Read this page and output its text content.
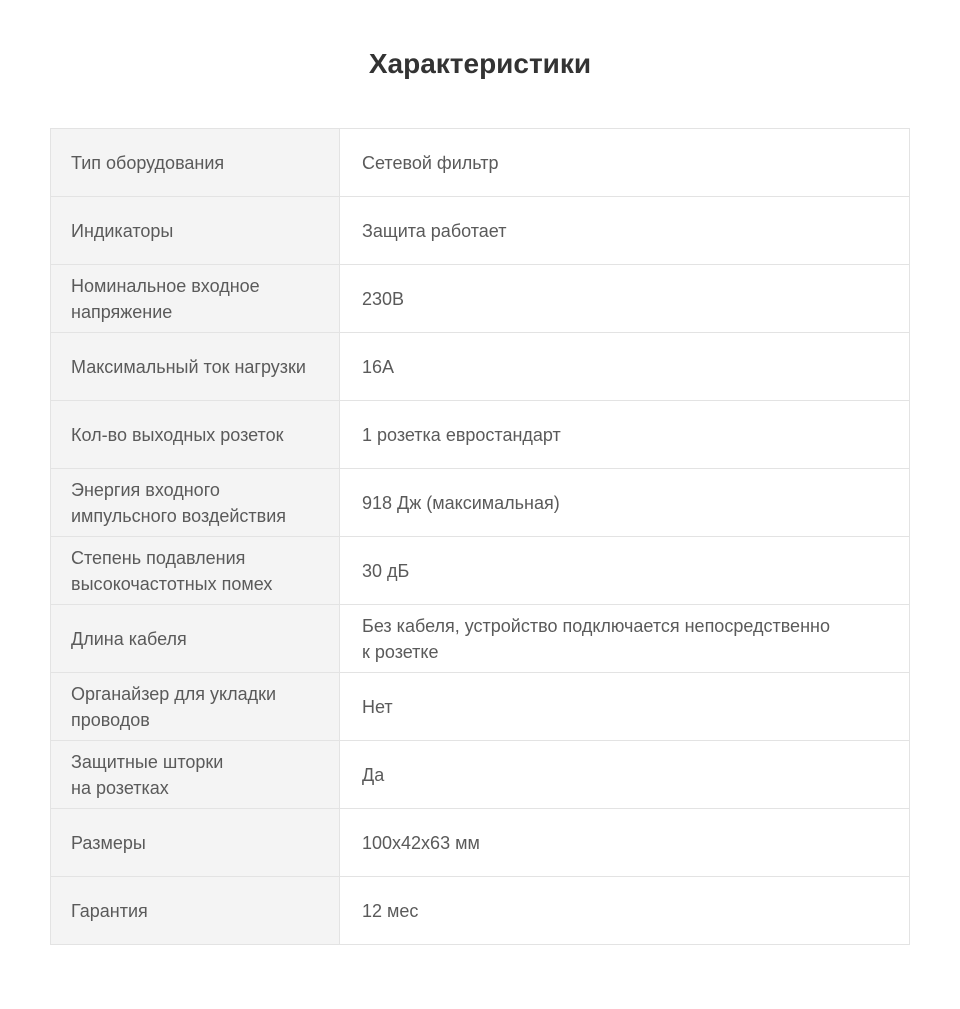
Характеристики
Тип оборудования	Сетевой фильтр

Индикаторы	Защита работает

Номинальное входное
напряжение	230В

Максимальный ток нагрузки	16А

Кол-во выходных розеток	1 розетка евростандарт

Энергия входного
импульсного воздействия	918 Дж (максимальная)

Степень подавления
высокочастотных помех	30 дБ

Длина кабеля	Без кабеля, устройство подключается непосредственно
к розетке

Органайзер для укладки
проводов	Нет

Защитные шторки
на розетках	Да

Размеры	100x42x63 мм

Гарантия	12 мес
